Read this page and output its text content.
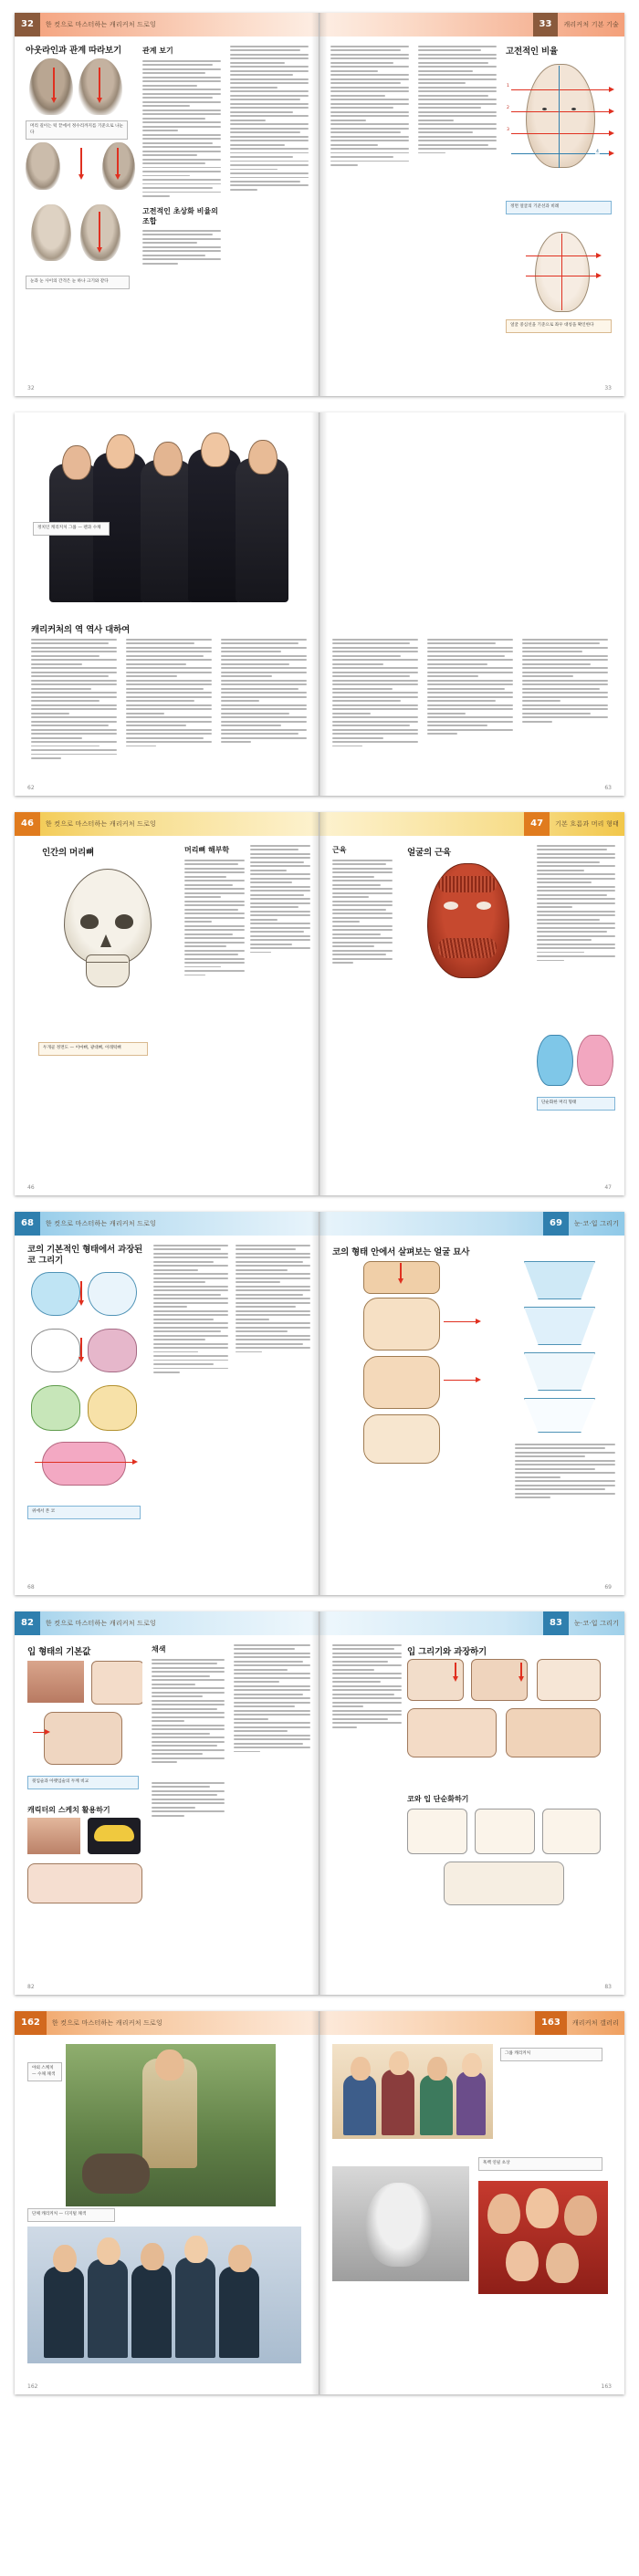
32	한 컷으로 마스터하는 캐리커처 드로잉
아웃라인과 관계 따라보기
머리 길이는 턱 끝에서 정수리까지를 기준으로 나눈다
눈과 눈 사이의 간격은 눈 하나 크기와 같다
관계 보기
고전적인 초상화 비율의 조합
32
캐리커처 기본 기술
33
고전적인 비율
1
2
3
4
정면 얼굴의 기준선과 비례
얼굴 중심선을 기준으로 좌우 대칭을 확인한다
33
정치인 캐리커처 그룹 — 펜과 수채
캐리커처의 역 역사 대하여
62	63
46	한 컷으로 마스터하는 캐리커처 드로잉
인간의 머리뼈
두개골 정면도 — 이마뼈, 광대뼈, 아래턱뼈
머리뼈 해부학
46
기본 흐름과 머리 형태
47
근육	얼굴의 근육
단순화한 머리 형태
47
68	한 컷으로 마스터하는 캐리커처 드로잉
코의 기본적인 형태에서 과장된 코 그리기
위에서 본 코
68
눈·코·입 그리기
69
코의 형태 안에서 살펴보는 얼굴 묘사
69
82	한 컷으로 마스터하는 캐리커처 드로잉
입 형태의 기본값
윗입술과 아랫입술의 두께 비교
캐릭터의 스케치 활용하기
채색
82
눈·코·입 그리기
83
입 그리기와 과장하기
코와 입 단순화하기
83
162	한 컷으로 마스터하는 캐리커처 드로잉
야외 스케치 — 수채 채색
단체 캐리커처 — 디지털 채색
162
캐리커처 갤러리
163
그룹 캐리커처
흑백 연필 초상
163
